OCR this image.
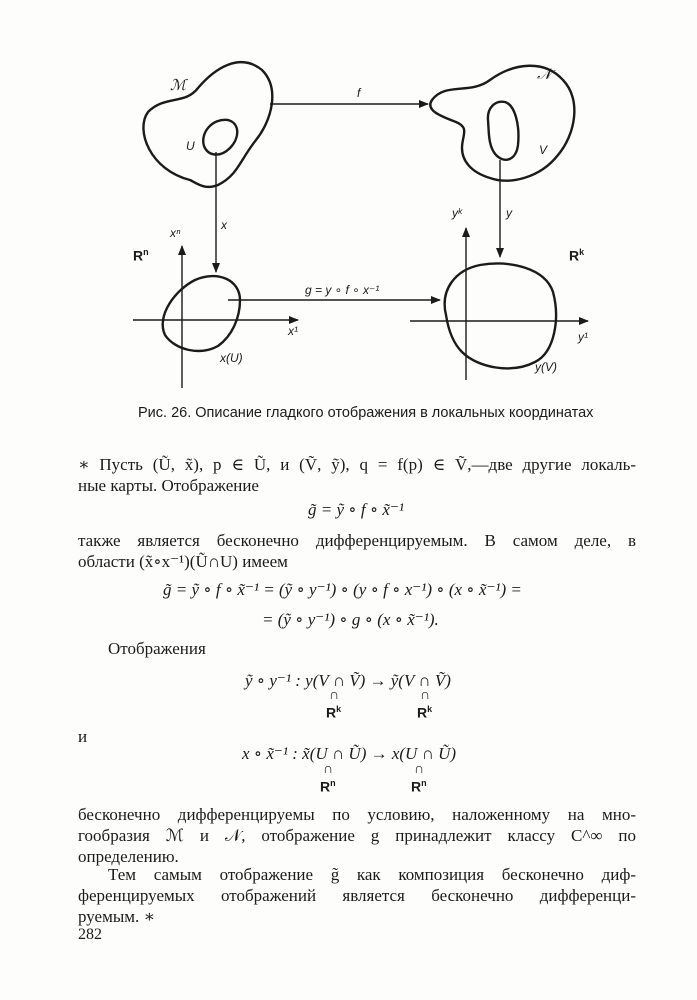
ℳ
𝒩
U	V
f
x
y
$R^n$	$R^k$
xⁿ
x¹
yᵏ
y¹
g = y ∘ f ∘ x⁻¹
x(U)
y(V)
Рис. 26. Описание гладкого отображения в локальных координатах
∗ Пусть (Ũ, x̃), p ∈ Ũ, и (Ṽ, ỹ), q = f(p) ∈ Ṽ,—две другие локаль-
ные карты. Отображение
g̃ = ỹ ∘ f ∘ x̃⁻¹
также является бесконечно дифференцируемым. В самом деле, в
области (x̃∘x⁻¹)(Ũ∩U) имеем
g̃ = ỹ ∘ f ∘ x̃⁻¹ = (ỹ ∘ y⁻¹) ∘ (y ∘ f ∘ x⁻¹) ∘ (x ∘ x̃⁻¹) =
= (ỹ ∘ y⁻¹) ∘ g ∘ (x ∘ x̃⁻¹).
Отображения
ỹ ∘ y⁻¹ : y(V ∩ Ṽ) → ỹ(V ∩ Ṽ)
∩
$R^k$
∩
$R^k$
и
x ∘ x̃⁻¹ : x̃(U ∩ Ũ) → x(U ∩ Ũ)
∩
$R^n$
∩
$R^n$
бесконечно дифференцируемы по условию, наложенному на мно-
гообразия ℳ и 𝒩, отображение g принадлежит классу C^∞ по
определению.
Тем самым отображение g̃ как композиция бесконечно диф-
ференцируемых отображений является бесконечно дифференци-
руемым. ∗
282
